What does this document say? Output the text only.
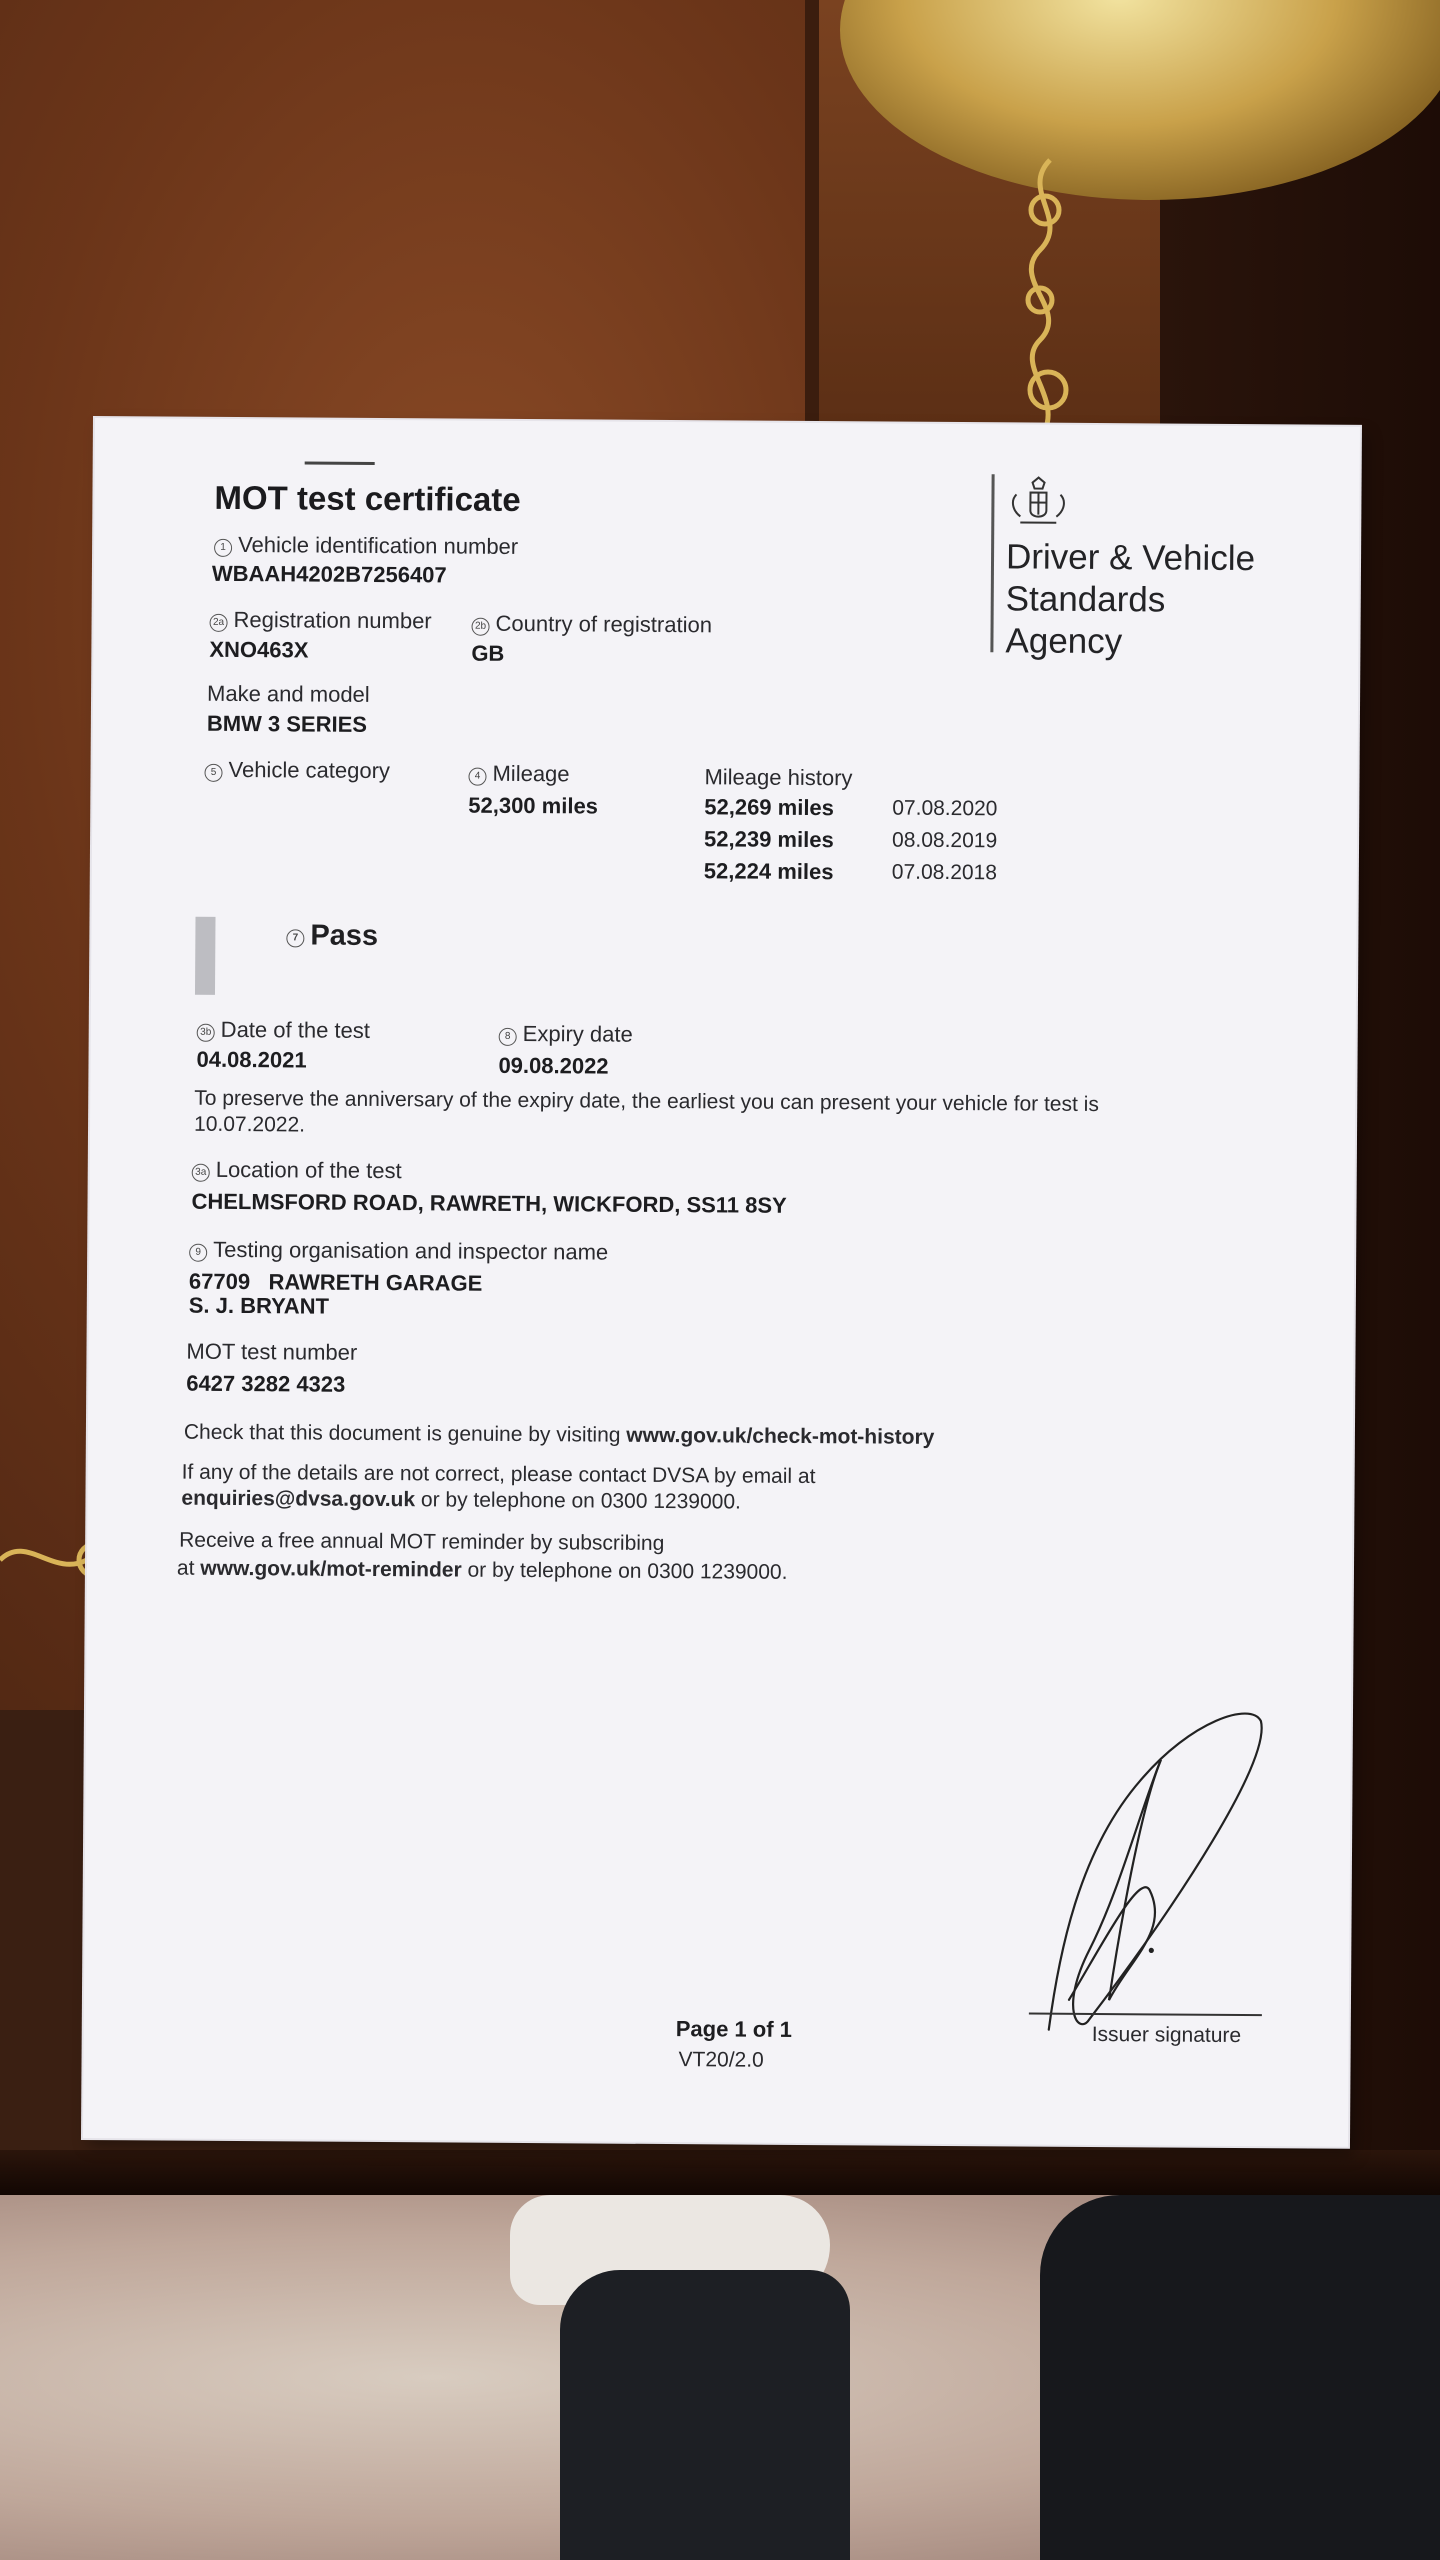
MOT test certificate
Driver & Vehicle
Standards
Agency
1 Vehicle identification number
WBAAH4202B7256407
2a Registration number
XNO463X
2b Country of registration
GB
Make and model
BMW 3 SERIES
5 Vehicle category	4 Mileage
52,300 miles
Mileage history
52,269 miles	07.08.2020
52,239 miles	08.08.2019
52,224 miles	07.08.2018
7 Pass
3b Date of the test
04.08.2021
8 Expiry date
09.08.2022
To preserve the anniversary of the expiry date, the earliest you can present your vehicle for test is
10.07.2022.
3a Location of the test
CHELMSFORD ROAD, RAWRETH, WICKFORD, SS11 8SY
9 Testing organisation and inspector name
67709 RAWRETH GARAGE
S. J. BRYANT
MOT test number
6427 3282 4323
Check that this document is genuine by visiting www.gov.uk/check-mot-history
If any of the details are not correct, please contact DVSA by email at
enquiries@dvsa.gov.uk or by telephone on 0300 1239000.
Receive a free annual MOT reminder by subscribing
at www.gov.uk/mot-reminder or by telephone on 0300 1239000.
Issuer signature
Page 1 of 1
VT20/2.0
